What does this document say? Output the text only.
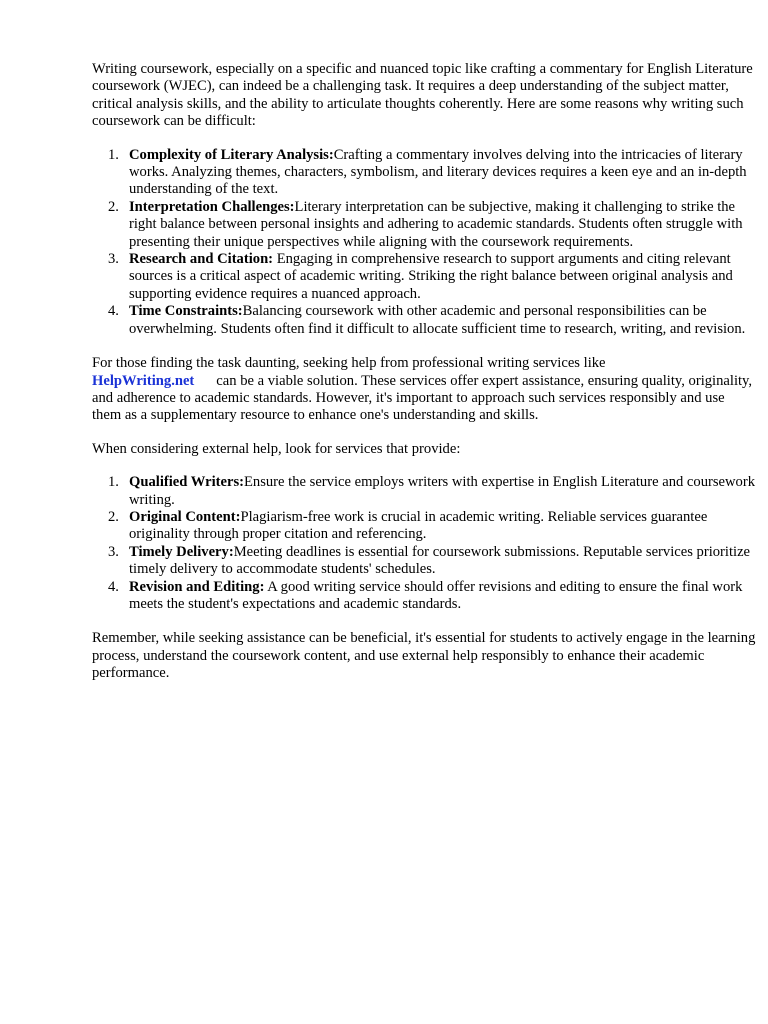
Writing coursework, especially on a specific and nuanced topic like crafting a commentary for English Literature coursework (WJEC), can indeed be a challenging task. It requires a deep understanding of the subject matter, critical analysis skills, and the ability to articulate thoughts coherently. Here are some reasons why writing such coursework can be difficult:

1. Complexity of Literary Analysis:Crafting a commentary involves delving into the intricacies of literary works. Analyzing themes, characters, symbolism, and literary devices requires a keen eye and an in-depth understanding of the text.
2. Interpretation Challenges:Literary interpretation can be subjective, making it challenging to strike the right balance between personal insights and adhering to academic standards. Students often struggle with presenting their unique perspectives while aligning with the coursework requirements.
3. Research and Citation: Engaging in comprehensive research to support arguments and citing relevant sources is a critical aspect of academic writing. Striking the right balance between original analysis and supporting evidence requires a nuanced approach.
4. Time Constraints:Balancing coursework with other academic and personal responsibilities can be overwhelming. Students often find it difficult to allocate sufficient time to research, writing, and revision.

For those finding the task daunting, seeking help from professional writing services like
HelpWriting.net can be a viable solution. These services offer expert assistance, ensuring quality, originality, and adherence to academic standards. However, it's important to approach such services responsibly and use them as a supplementary resource to enhance one's understanding and skills.

When considering external help, look for services that provide:

1. Qualified Writers:Ensure the service employs writers with expertise in English Literature and coursework writing.
2. Original Content:Plagiarism-free work is crucial in academic writing. Reliable services guarantee originality through proper citation and referencing.
3. Timely Delivery:Meeting deadlines is essential for coursework submissions. Reputable services prioritize timely delivery to accommodate students' schedules.
4. Revision and Editing: A good writing service should offer revisions and editing to ensure the final work meets the student's expectations and academic standards.

Remember, while seeking assistance can be beneficial, it's essential for students to actively engage in the learning process, understand the coursework content, and use external help responsibly to enhance their academic performance.
